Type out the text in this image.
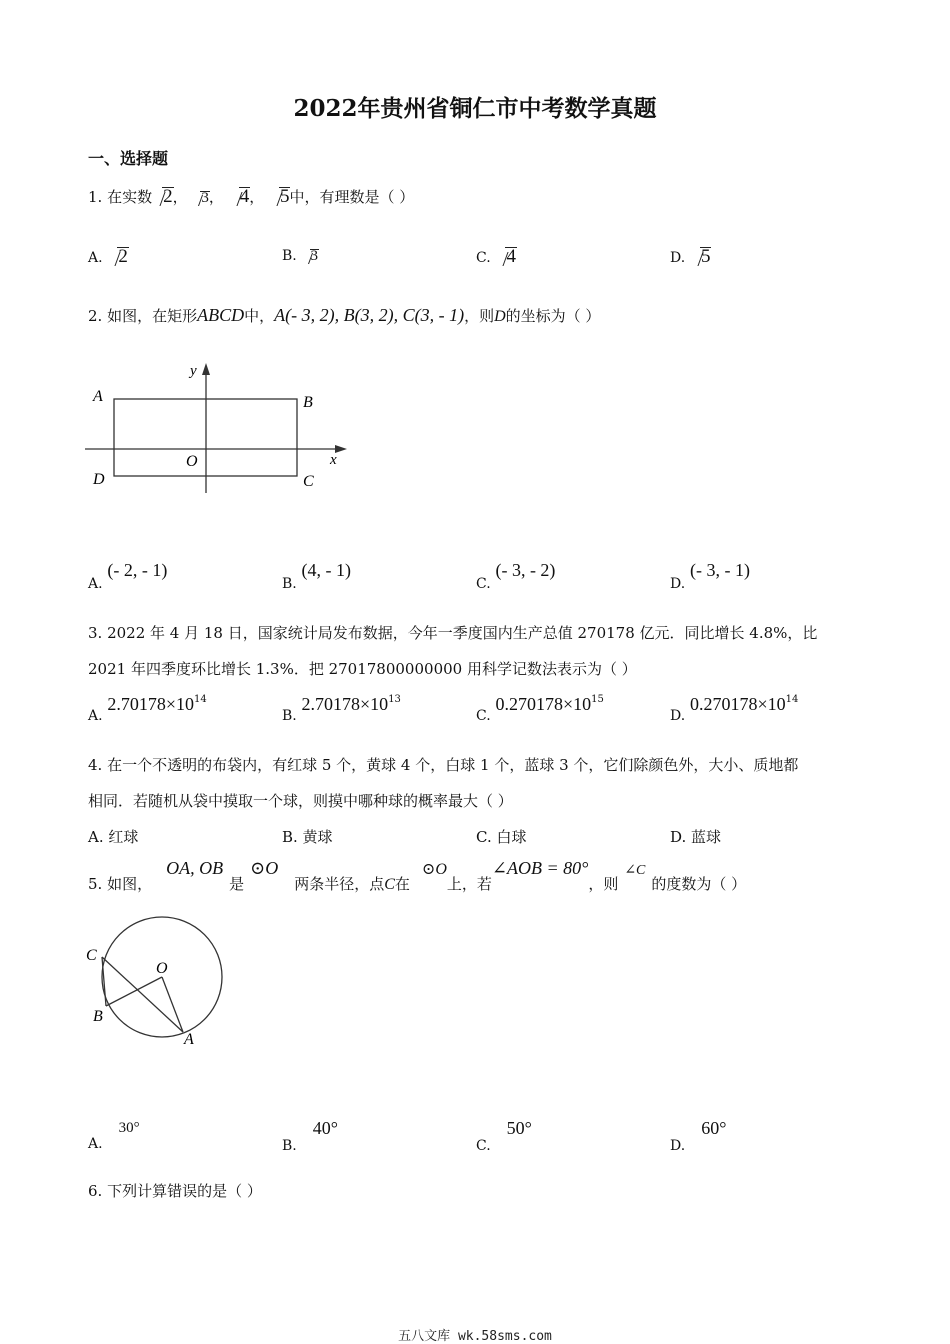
2022年贵州省铜仁市中考数学真题
一、选择题
1. 在实数 2， 3， 4， 5中，有理数是（ ）
A. 2	B. 3	C. 4	D. 5
2. 如图，在矩形ABCD中，A(- 3, 2), B(3, 2), C(3, - 1)，则D的坐标为（ ）
y
x
A	B
C
D
O
A. (- 2, - 1)
B. (4, - 1)
C. (- 3, - 2)
D. (- 3, - 1)
3. 2022 年 4 月 18 日，国家统计局发布数据，今年一季度国内生产总值 270178 亿元．同比增长 4.8%，比
2021 年四季度环比增长 1.3%．把 27017800000000 用科学记数法表示为（ ）
A. $2.70178\times 10^{14}$
B. $2.70178\times 10^{13}$
C. $0.270178\times 10^{15}$
D. $0.270178\times 10^{14}$
4. 在一个不透明的布袋内，有红球 5 个，黄球 4 个，白球 1 个，蓝球 3 个，它们除颜色外，大小、质地都
相同．若随机从袋中摸取一个球，则摸中哪种球的概率最大（ ）
A. 红球	B. 黄球	C. 白球	D. 蓝球
5. 如图，OA, OB是⊙O两条半径，点C在⊙O上，若∠AOB = 80°，则∠C的度数为（ ）
C
O
B
A
A.30°
B.40°
C.50°
D.60°
6. 下列计算错误的是（ ）
五八文库 wk.58sms.com
